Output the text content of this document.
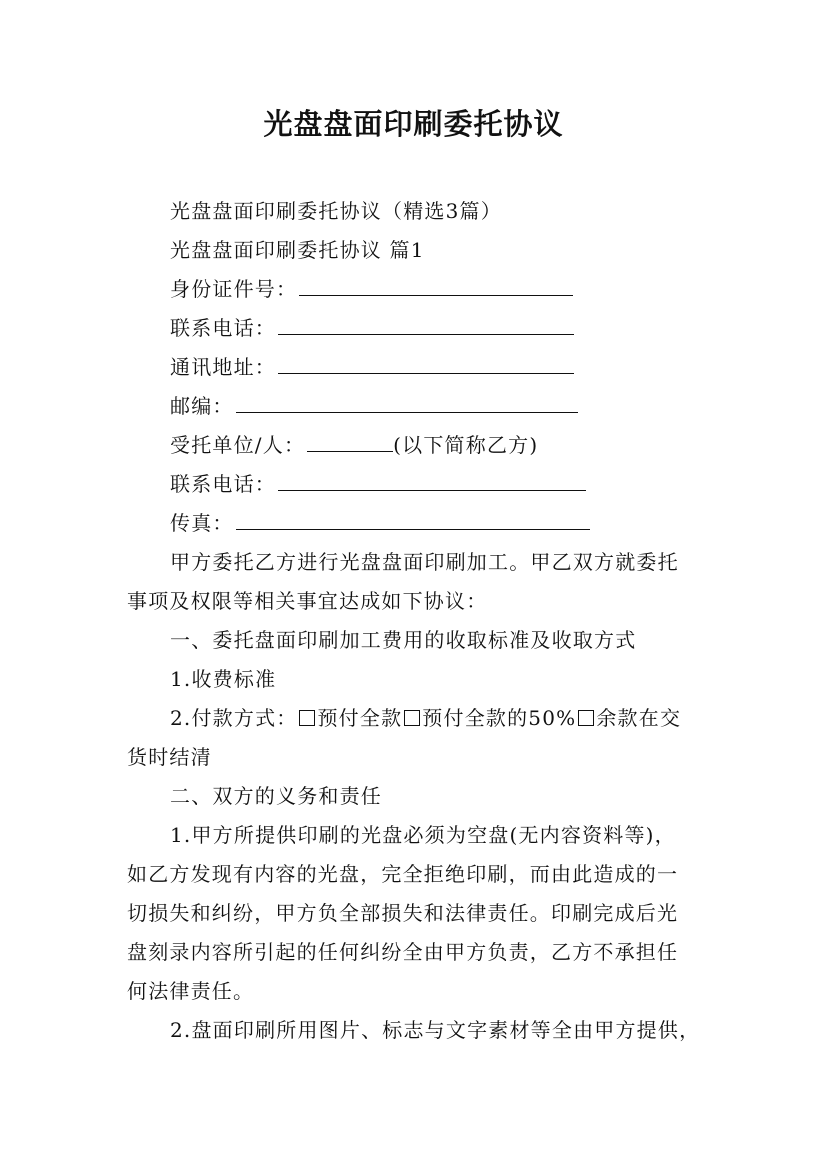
光盘盘面印刷委托协议
光盘盘面印刷委托协议（精选3篇）
光盘盘面印刷委托协议 篇1
身份证件号：
联系电话：
通讯地址：
邮编：
受托单位/人：	(以下简称乙方)
联系电话：
传真：
甲方委托乙方进行光盘盘面印刷加工。甲乙双方就委托
事项及权限等相关事宜达成如下协议：
一、委托盘面印刷加工费用的收取标准及收取方式
1.收费标准
2.付款方式： 预付全款 预付全款的50% 余款在交
货时结清
二、双方的义务和责任
1.甲方所提供印刷的光盘必须为空盘(无内容资料等)，
如乙方发现有内容的光盘，完全拒绝印刷，而由此造成的一
切损失和纠纷，甲方负全部损失和法律责任。印刷完成后光
盘刻录内容所引起的任何纠纷全由甲方负责，乙方不承担任
何法律责任。
2.盘面印刷所用图片、标志与文字素材等全由甲方提供，
